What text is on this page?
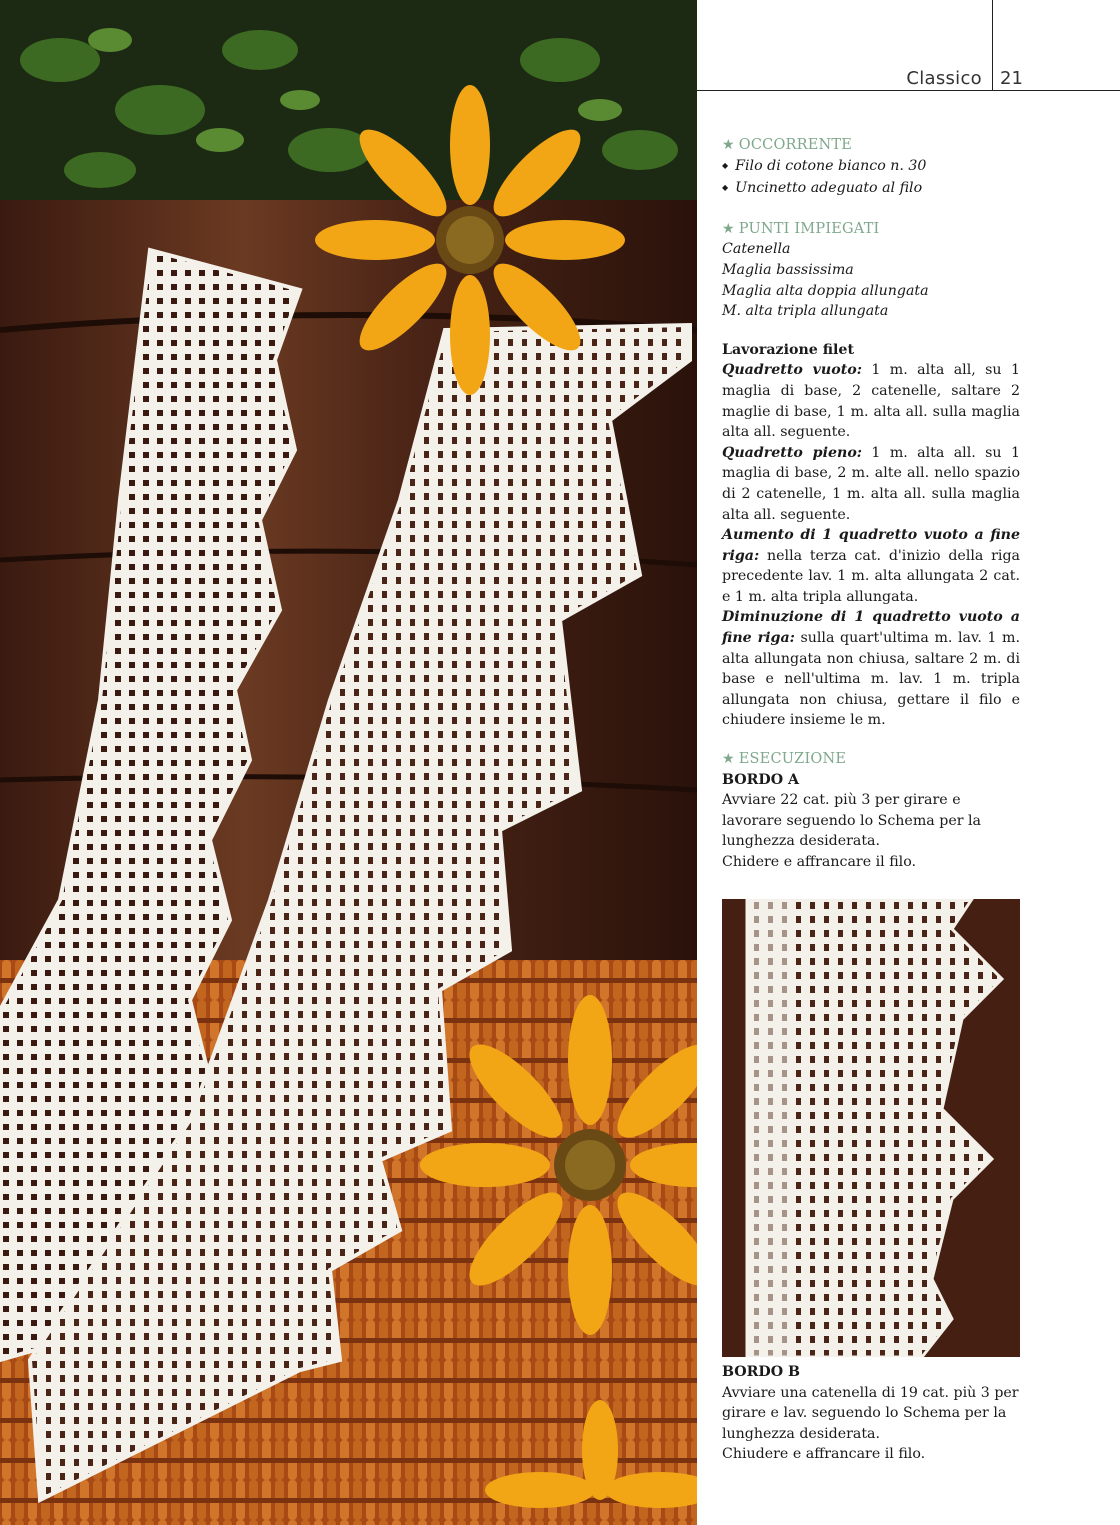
Classico 21
★ OCCORRENTE
◆ Filo di cotone bianco n. 30
◆ Uncinetto adeguato al filo
★ PUNTI IMPIEGATI
Catenella
Maglia bassissima
Maglia alta doppia allungata
M. alta tripla allungata
Lavorazione filet
Quadretto vuoto: 1 m. alta all, su 1 maglia di base, 2 catenelle, saltare 2 maglie di base, 1 m. alta all. sulla maglia alta all. seguente.
Quadretto pieno: 1 m. alta all. su 1 maglia di base, 2 m. alte all. nello spazio di 2 catenelle, 1 m. alta all. sulla maglia alta all. seguente.
Aumento di 1 quadretto vuoto a fine riga: nella terza cat. d'inizio della riga precedente lav. 1 m. alta allungata 2 cat. e 1 m. alta tripla allungata.
Diminuzione di 1 quadretto vuoto a fine riga: sulla quart'ultima m. lav. 1 m. alta allungata non chiusa, saltare 2 m. di base e nell'ultima m. lav. 1 m. tripla allungata non chiusa, gettare il filo e chiudere insieme le m.
★ ESECUZIONE
BORDO A
Avviare 22 cat. più 3 per girare e lavorare seguendo lo Schema per la lunghezza desiderata.
Chidere e affrancare il filo.
BORDO B
Avviare una catenella di 19 cat. più 3 per girare e lav. seguendo lo Schema per la lunghezza desiderata.
Chiudere e affrancare il filo.
